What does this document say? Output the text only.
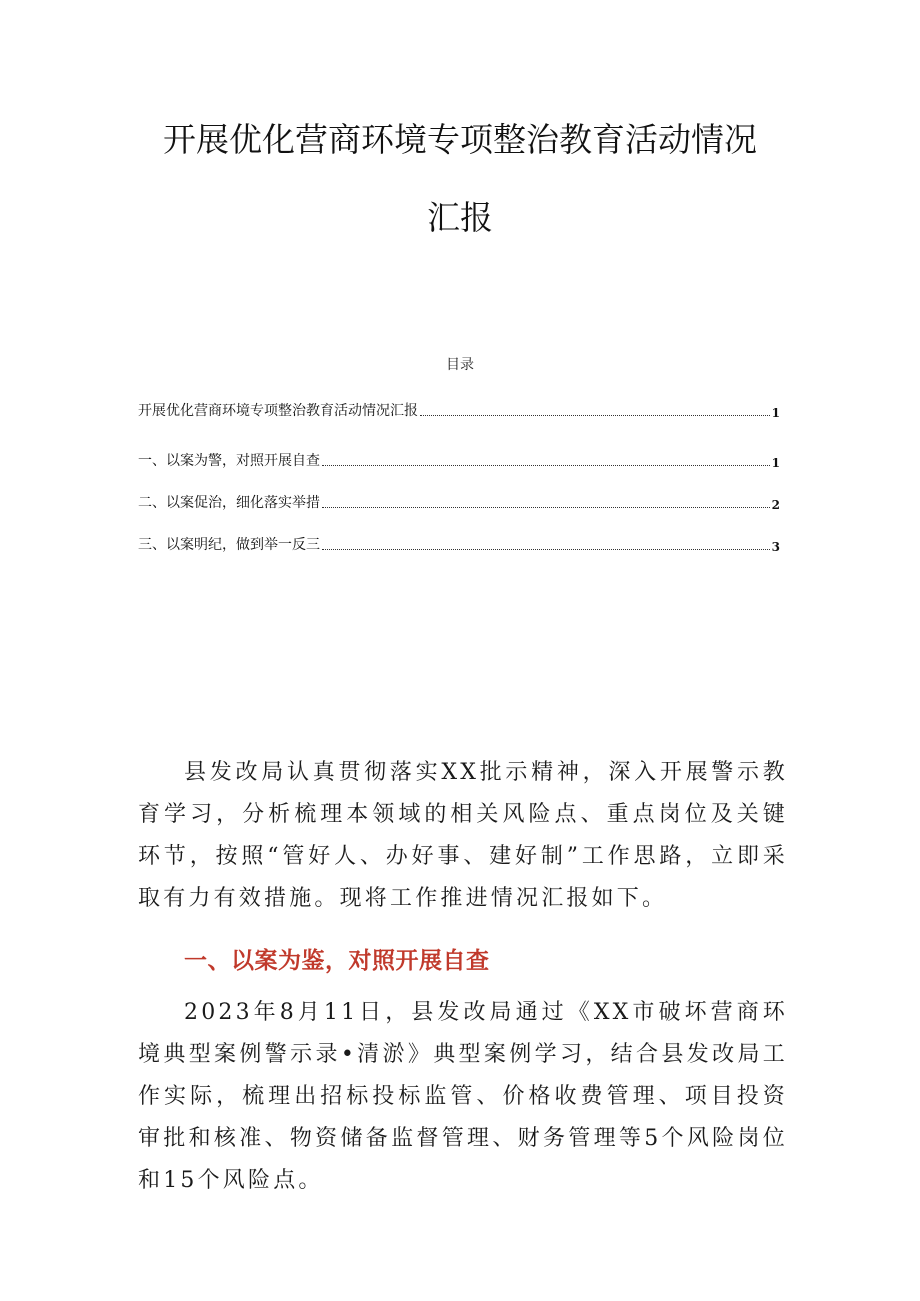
开展优化营商环境专项整治教育活动情况
汇报
目录
开展优化营商环境专项整治教育活动情况汇报	1
一、以案为警，对照开展自查	1
二、以案促治，细化落实举措	2
三、以案明纪，做到举一反三	3

县发改局认真贯彻落实XX批示精神，深入开展警示教育学习，分析梳理本领域的相关风险点、重点岗位及关键环节，按照“管好人、办好事、建好制”工作思路，立即采取有力有效措施。现将工作推进情况汇报如下。

一、以案为鉴，对照开展自查

2023年8月11日，县发改局通过《XX市破坏营商环境典型案例警示录•清淤》典型案例学习，结合县发改局工作实际，梳理出招标投标监管、价格收费管理、项目投资审批和核准、物资储备监督管理、财务管理等5个风险岗位和15个风险点。
